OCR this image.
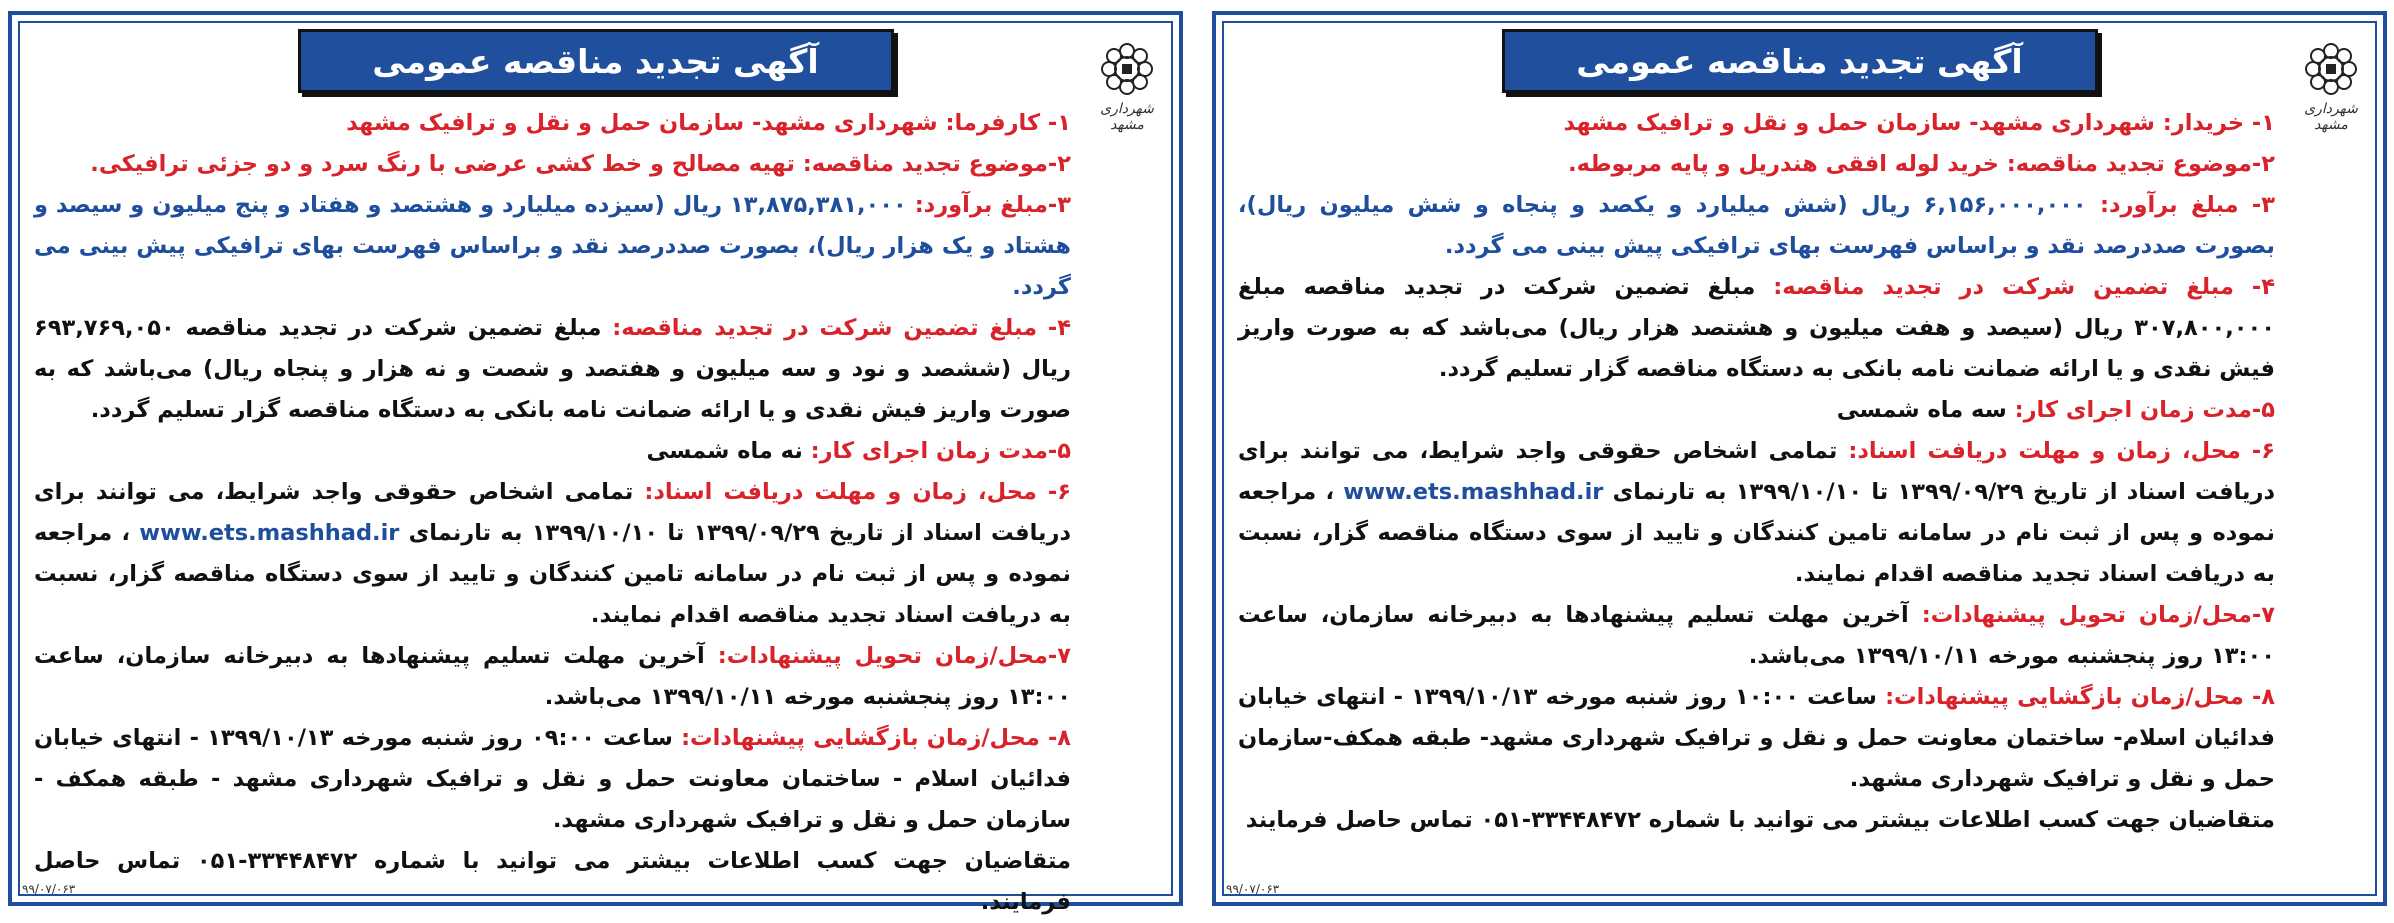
آگهی تجدید مناقصه عمومی
شهرداری مشهد
۱- خریدار: شهرداری مشهد- سازمان حمل و نقل و ترافیک مشهد
۲-موضوع تجدید مناقصه: خرید لوله افقی هندریل و پایه مربوطه.
۳- مبلغ برآورد: ۶,۱۵۶,۰۰۰,۰۰۰ ریال (شش میلیارد و یکصد و پنجاه و شش میلیون ریال)، بصورت صددرصد نقد و براساس فهرست بهای ترافیکی پیش بینی می گردد.
۴- مبلغ تضمین شرکت در تجدید مناقصه: مبلغ تضمین شرکت در تجدید مناقصه مبلغ ۳۰۷,۸۰۰,۰۰۰ ریال (سیصد و هفت میلیون و هشتصد هزار ریال) می‌باشد که به صورت واریز فیش نقدی و یا ارائه ضمانت نامه بانکی به دستگاه مناقصه گزار تسلیم گردد.
۵-مدت زمان اجرای کار: سه ماه شمسی
۶- محل، زمان و مهلت دریافت اسناد: تمامی اشخاص حقوقی واجد شرایط، می توانند برای دریافت اسناد از تاریخ ۱۳۹۹/۰۹/۲۹ تا ۱۳۹۹/۱۰/۱۰ به تارنمای www.ets.mashhad.ir ، مراجعه نموده و پس از ثبت نام در سامانه تامین کنندگان و تایید از سوی دستگاه مناقصه گزار، نسبت به دریافت اسناد تجدید مناقصه اقدام نمایند.
۷-محل/زمان تحویل پیشنهادات: آخرین مهلت تسلیم پیشنهادها به دبیرخانه سازمان، ساعت ۱۳:۰۰ روز پنجشنبه مورخه ۱۳۹۹/۱۰/۱۱ می‌باشد.
۸- محل/زمان بازگشایی پیشنهادات: ساعت ۱۰:۰۰ روز شنبه مورخه ۱۳۹۹/۱۰/۱۳ - انتهای خیابان فدائیان اسلام- ساختمان معاونت حمل و نقل و ترافیک شهرداری مشهد- طبقه همکف-سازمان حمل و نقل و ترافیک شهرداری مشهد.
متقاضیان جهت کسب اطلاعات بیشتر می توانید با شماره ۳۳۴۴۸۴۷۲-۰۵۱ تماس حاصل فرمایند
۹۹/۰۷/۰۶۳
آگهی تجدید مناقصه عمومی
شهرداری مشهد
۱- کارفرما: شهرداری مشهد- سازمان حمل و نقل و ترافیک مشهد
۲-موضوع تجدید مناقصه: تهیه مصالح و خط کشی عرضی با رنگ سرد و دو جزئی ترافیکی.
۳-مبلغ برآورد: ۱۳,۸۷۵,۳۸۱,۰۰۰ ریال (سیزده میلیارد و هشتصد و هفتاد و پنج میلیون و سیصد و هشتاد و یک هزار ریال)، بصورت صددرصد نقد و براساس فهرست بهای ترافیکی پیش بینی می گردد.
۴- مبلغ تضمین شرکت در تجدید مناقصه: مبلغ تضمین شرکت در تجدید مناقصه ۶۹۳,۷۶۹,۰۵۰ ریال (ششصد و نود و سه میلیون و هفتصد و شصت و نه هزار و پنجاه ریال) می‌باشد که به صورت واریز فیش نقدی و یا ارائه ضمانت نامه بانکی به دستگاه مناقصه گزار تسلیم گردد.
۵-مدت زمان اجرای کار: نه ماه شمسی
۶- محل، زمان و مهلت دریافت اسناد: تمامی اشخاص حقوقی واجد شرایط، می توانند برای دریافت اسناد از تاریخ ۱۳۹۹/۰۹/۲۹ تا ۱۳۹۹/۱۰/۱۰ به تارنمای www.ets.mashhad.ir ، مراجعه نموده و پس از ثبت نام در سامانه تامین کنندگان و تایید از سوی دستگاه مناقصه گزار، نسبت به دریافت اسناد تجدید مناقصه اقدام نمایند.
۷-محل/زمان تحویل پیشنهادات: آخرین مهلت تسلیم پیشنهادها به دبیرخانه سازمان، ساعت ۱۳:۰۰ روز پنجشنبه مورخه ۱۳۹۹/۱۰/۱۱ می‌باشد.
۸- محل/زمان بازگشایی پیشنهادات: ساعت ۰۹:۰۰ روز شنبه مورخه ۱۳۹۹/۱۰/۱۳ - انتهای خیابان فدائیان اسلام - ساختمان معاونت حمل و نقل و ترافیک شهرداری مشهد - طبقه همکف - سازمان حمل و نقل و ترافیک شهرداری مشهد.
متقاضیان جهت کسب اطلاعات بیشتر می توانید با شماره ۳۳۴۴۸۴۷۲-۰۵۱ تماس حاصل فرمایند.
۹۹/۰۷/۰۶۳
